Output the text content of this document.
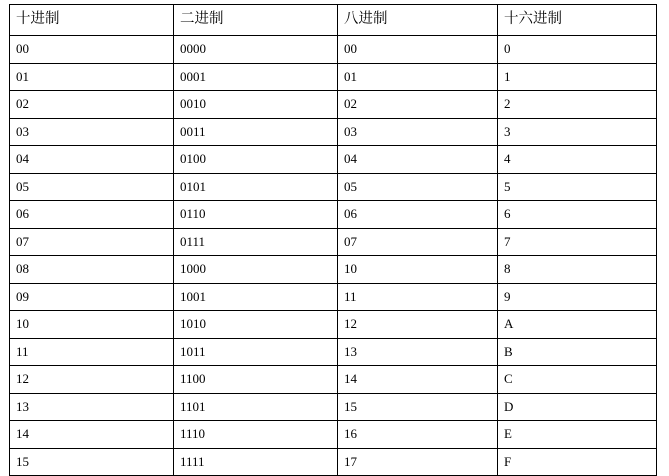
十进制	二进制	八进制	十六进制
00	0000	00	0
01	0001	01	1
02	0010	02	2
03	0011	03	3
04	0100	04	4
05	0101	05	5
06	0110	06	6
07	0111	07	7
08	1000	10	8
09	1001	11	9
10	1010	12	A
11	1011	13	B
12	1100	14	C
13	1101	15	D
14	1110	16	E
15	1111	17	F
